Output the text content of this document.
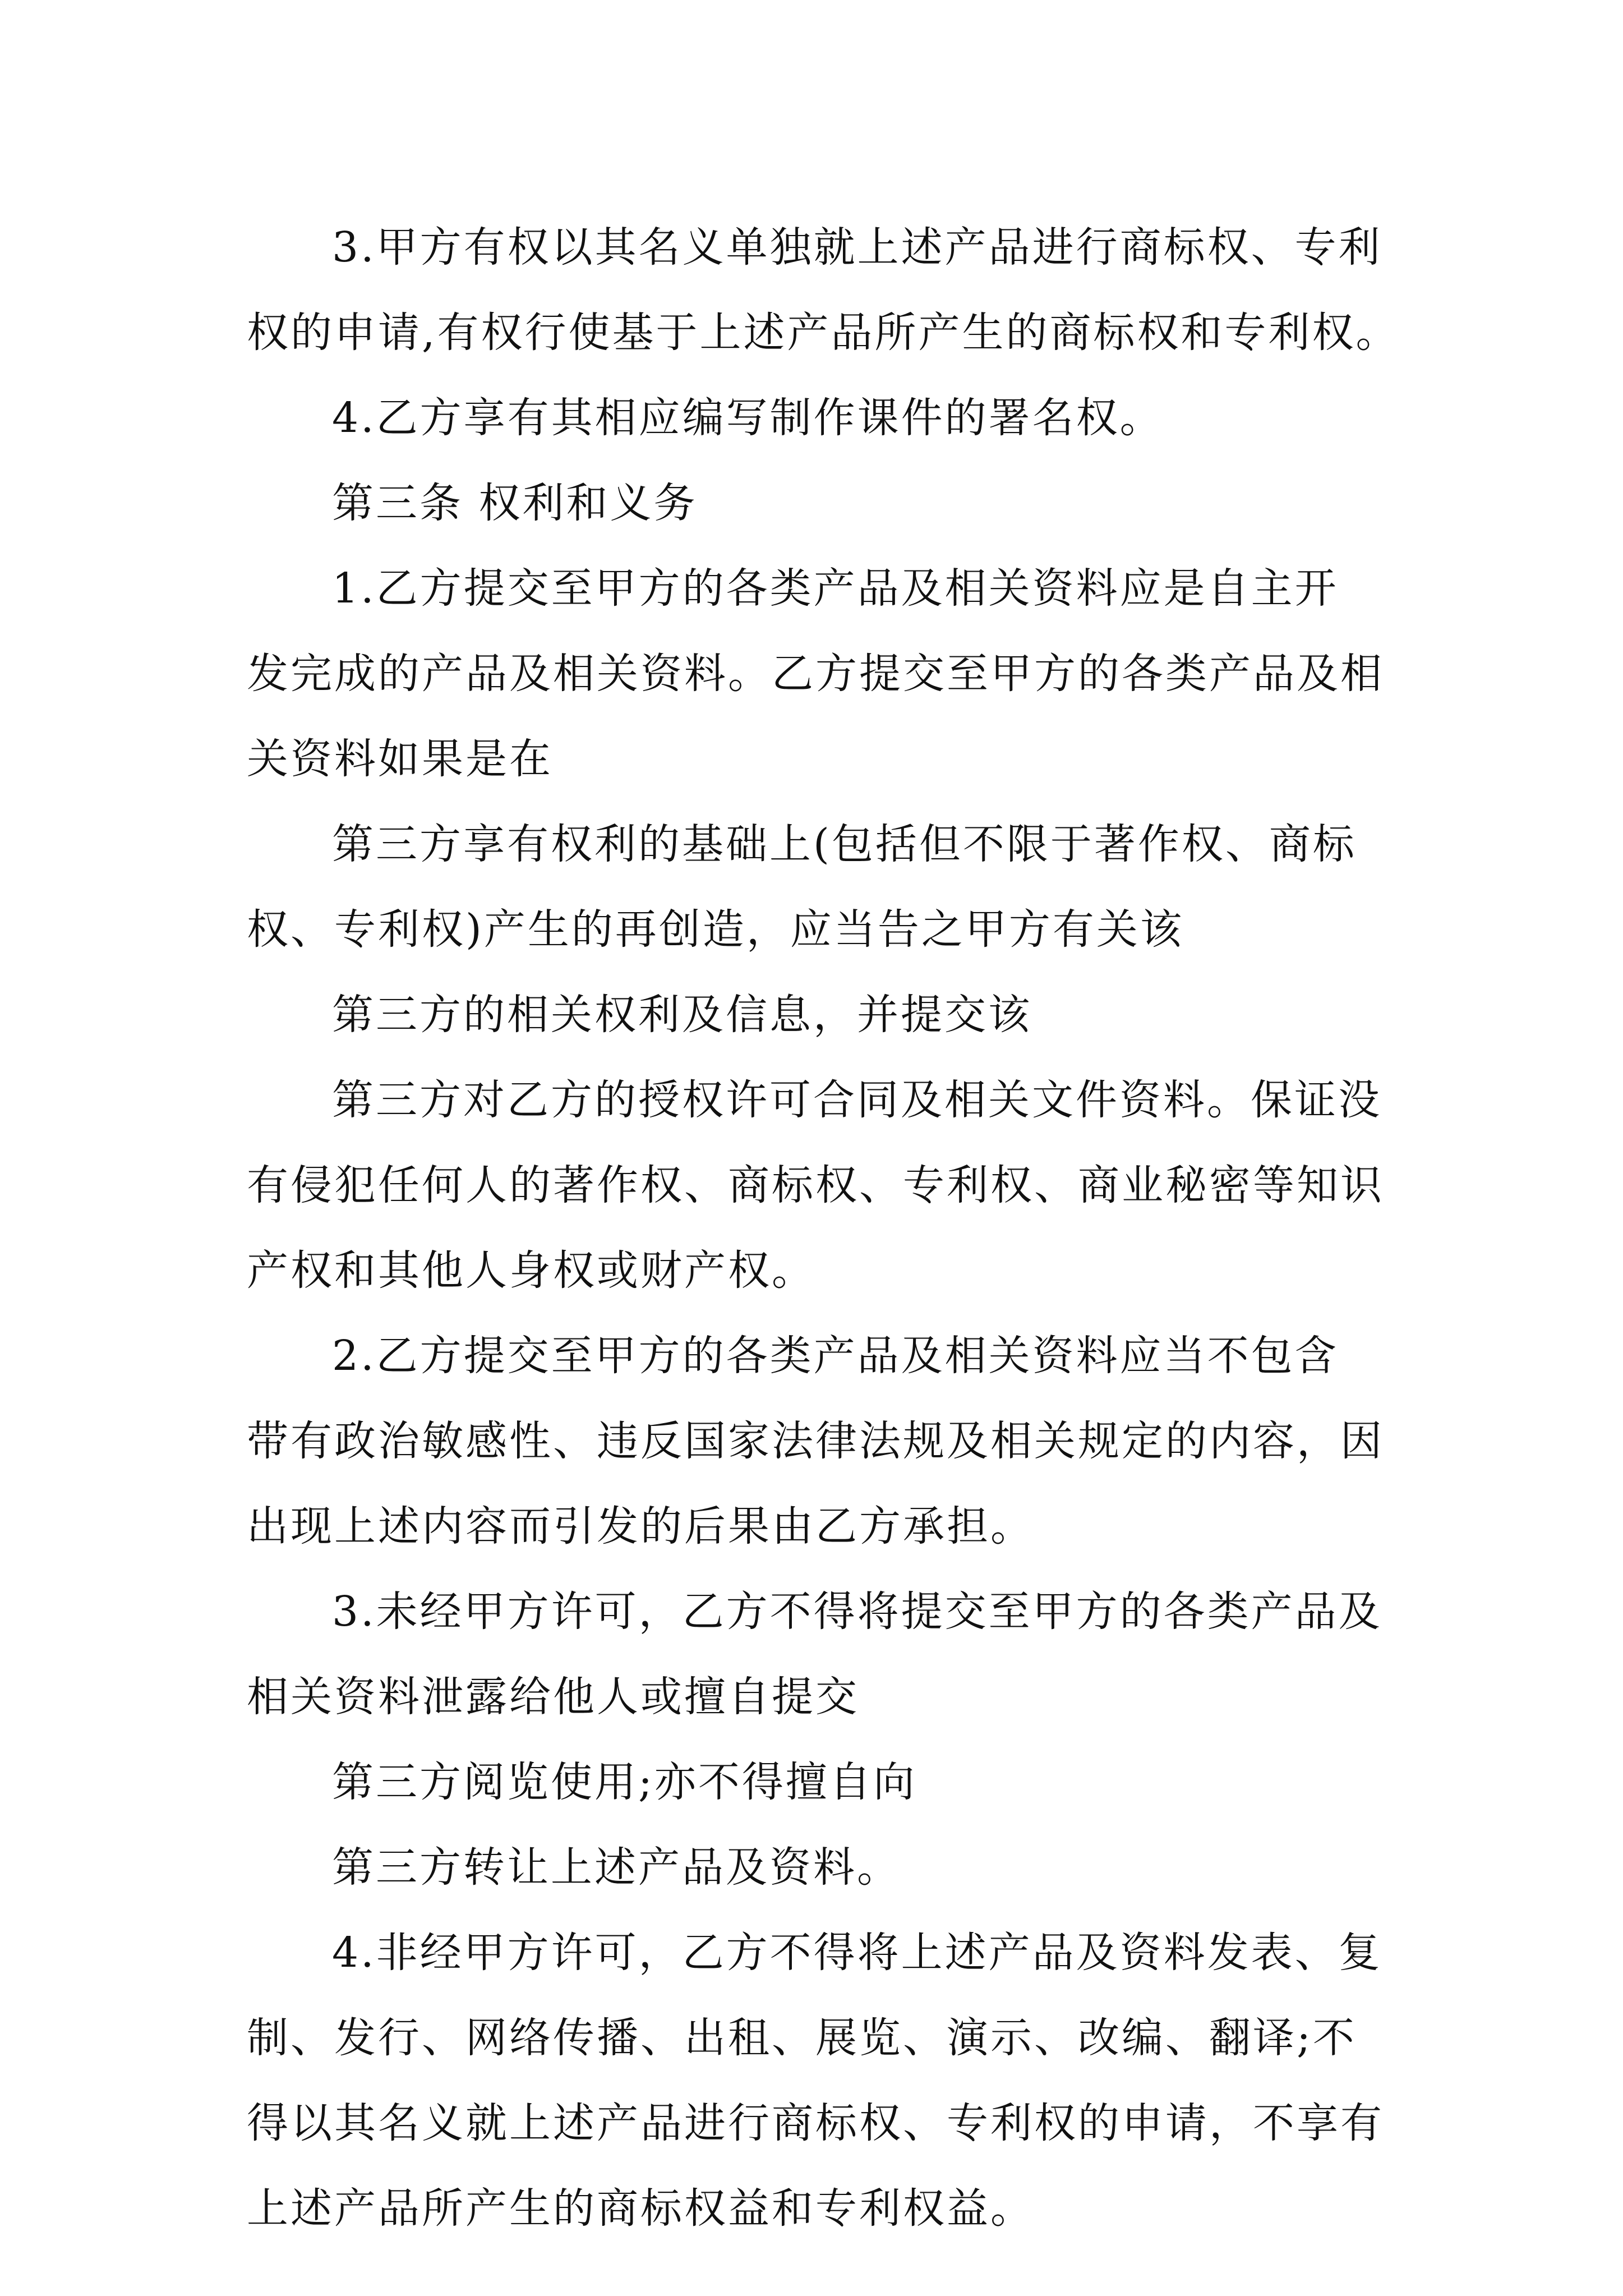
3.甲方有权以其名义单独就上述产品进行商标权、专利
权的申请,有权行使基于上述产品所产生的商标权和专利权。
4.乙方享有其相应编写制作课件的署名权。
第三条 权利和义务
1.乙方提交至甲方的各类产品及相关资料应是自主开
发完成的产品及相关资料。乙方提交至甲方的各类产品及相
关资料如果是在
第三方享有权利的基础上(包括但不限于著作权、商标
权、专利权)产生的再创造，应当告之甲方有关该
第三方的相关权利及信息，并提交该
第三方对乙方的授权许可合同及相关文件资料。保证没
有侵犯任何人的著作权、商标权、专利权、商业秘密等知识
产权和其他人身权或财产权。
2.乙方提交至甲方的各类产品及相关资料应当不包含
带有政治敏感性、违反国家法律法规及相关规定的内容，因
出现上述内容而引发的后果由乙方承担。
3.未经甲方许可，乙方不得将提交至甲方的各类产品及
相关资料泄露给他人或擅自提交
第三方阅览使用;亦不得擅自向
第三方转让上述产品及资料。
4.非经甲方许可，乙方不得将上述产品及资料发表、复
制、发行、网络传播、出租、展览、演示、改编、翻译;不
得以其名义就上述产品进行商标权、专利权的申请，不享有
上述产品所产生的商标权益和专利权益。
